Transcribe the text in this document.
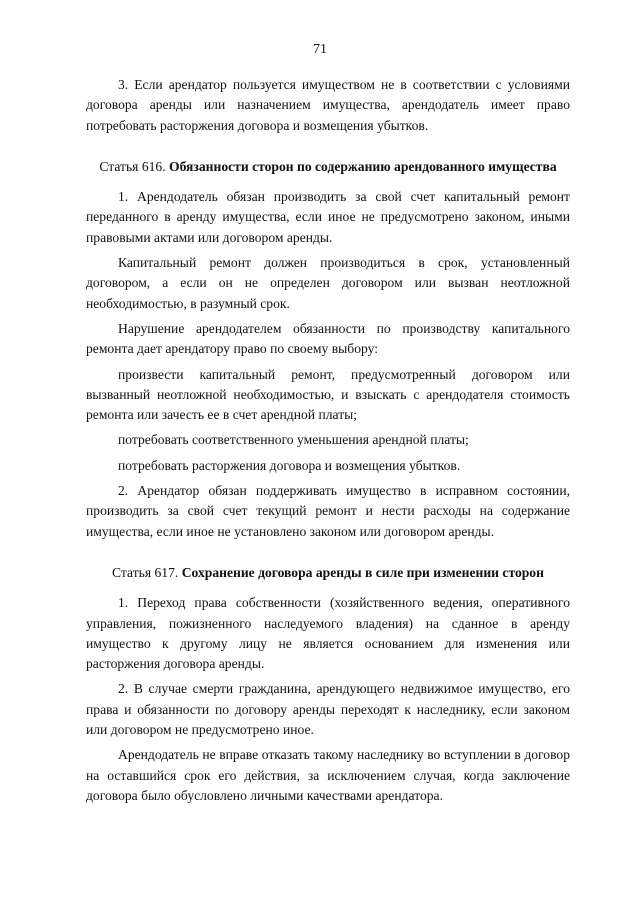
71

3. Если арендатор пользуется имуществом не в соответствии с условиями договора аренды или назначением имущества, арендодатель имеет право потребовать расторжения договора и возмещения убытков.

Статья 616. Обязанности сторон по содержанию арендованного имущества

1. Арендодатель обязан производить за свой счет капитальный ремонт переданного в аренду имущества, если иное не предусмотрено законом, иными правовыми актами или договором аренды.

Капитальный ремонт должен производиться в срок, установленный договором, а если он не определен договором или вызван неотложной необходимостью, в разумный срок.

Нарушение арендодателем обязанности по производству капитального ремонта дает арендатору право по своему выбору:

произвести капитальный ремонт, предусмотренный договором или вызванный неотложной необходимостью, и взыскать с арендодателя стоимость ремонта или зачесть ее в счет арендной платы;

потребовать соответственного уменьшения арендной платы;

потребовать расторжения договора и возмещения убытков.

2. Арендатор обязан поддерживать имущество в исправном состоянии, производить за свой счет текущий ремонт и нести расходы на содержание имущества, если иное не установлено законом или договором аренды.

Статья 617. Сохранение договора аренды в силе при изменении сторон

1. Переход права собственности (хозяйственного ведения, оперативного управления, пожизненного наследуемого владения) на сданное в аренду имущество к другому лицу не является основанием для изменения или расторжения договора аренды.

2. В случае смерти гражданина, арендующего недвижимое имущество, его права и обязанности по договору аренды переходят к наследнику, если законом или договором не предусмотрено иное.

Арендодатель не вправе отказать такому наследнику во вступлении в договор на оставшийся срок его действия, за исключением случая, когда заключение договора было обусловлено личными качествами арендатора.
